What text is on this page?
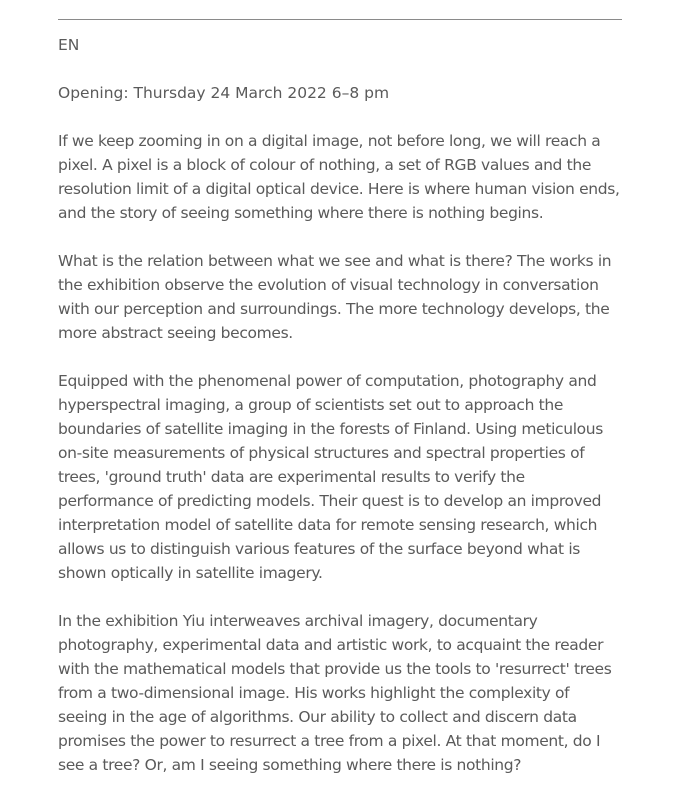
EN
Opening: Thursday 24 March 2022 6–8 pm

If we keep zooming in on a digital image, not before long, we will reach a pixel. A pixel is a block of colour of nothing, a set of RGB values and the resolution limit of a digital optical device. Here is where human vision ends, and the story of seeing something where there is nothing begins.

What is the relation between what we see and what is there? The works in the exhibition observe the evolution of visual technology in conversation with our perception and surroundings. The more technology develops, the more abstract seeing becomes.

Equipped with the phenomenal power of computation, photography and hyperspectral imaging, a group of scientists set out to approach the boundaries of satellite imaging in the forests of Finland. Using meticulous on-site measurements of physical structures and spectral properties of trees, 'ground truth' data are experimental results to verify the performance of predicting models. Their quest is to develop an improved interpretation model of satellite data for remote sensing research, which allows us to distinguish various features of the surface beyond what is shown optically in satellite imagery.

In the exhibition Yiu interweaves archival imagery, documentary photography, experimental data and artistic work, to acquaint the reader with the mathematical models that provide us the tools to 'resurrect' trees from a two-dimensional image. His works highlight the complexity of seeing in the age of algorithms. Our ability to collect and discern data promises the power to resurrect a tree from a pixel. At that moment, do I see a tree? Or, am I seeing something where there is nothing?
